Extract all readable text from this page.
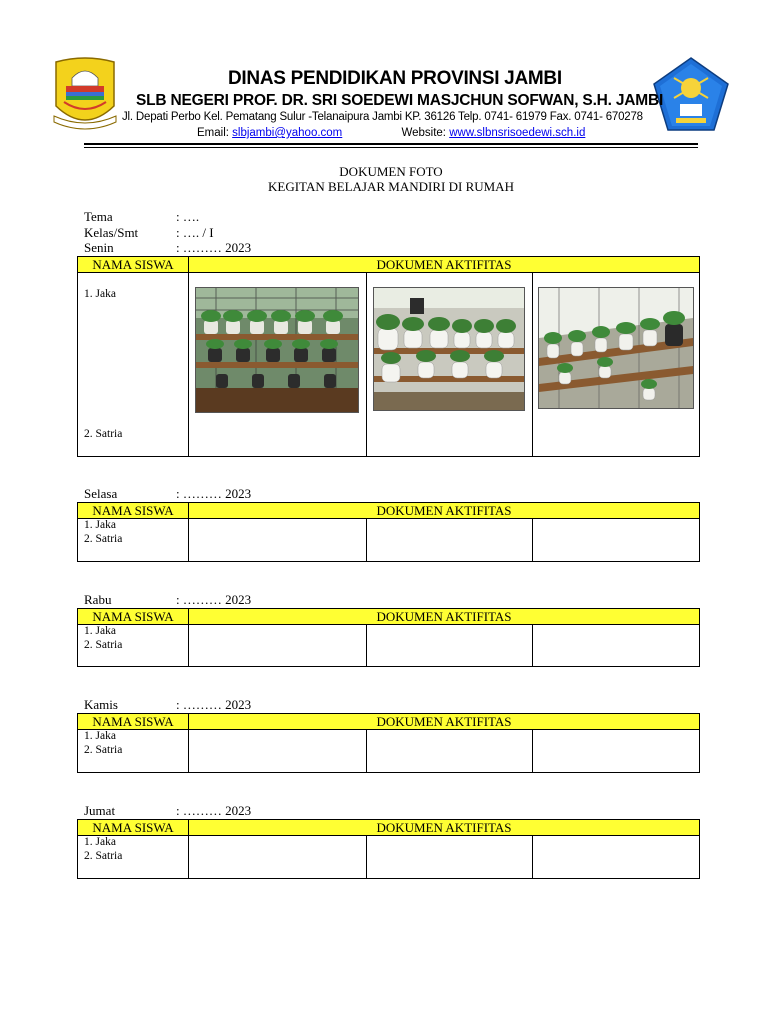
DINAS PENDIDIKAN PROVINSI JAMBI
SLB NEGERI PROF. DR. SRI SOEDEWI MASJCHUN SOFWAN, S.H. JAMBI
Jl. Depati Perbo Kel. Pematang Sulur -Telanaipura Jambi KP. 36126 Telp. 0741- 61979 Fax. 0741- 670278
Email: slbjambi@yahoo.com	Website: www.slbnsrisoedewi.sch.id
DOKUMEN FOTO
KEGITAN BELAJAR MANDIRI DI RUMAH
Tema	: ….
Kelas/Smt	: …. / I
Senin	: ……… 2023
NAMA SISWA	DOKUMEN AKTIFITAS
1. Jaka
2. Satria
Selasa	: ……… 2023
NAMA SISWA	DOKUMEN AKTIFITAS
1. Jaka
2. Satria
Rabu	: ……… 2023
NAMA SISWA	DOKUMEN AKTIFITAS
1. Jaka
2. Satria
Kamis	: ……… 2023
NAMA SISWA	DOKUMEN AKTIFITAS
1. Jaka
2. Satria
Jumat	: ……… 2023
NAMA SISWA	DOKUMEN AKTIFITAS
1. Jaka
2. Satria
